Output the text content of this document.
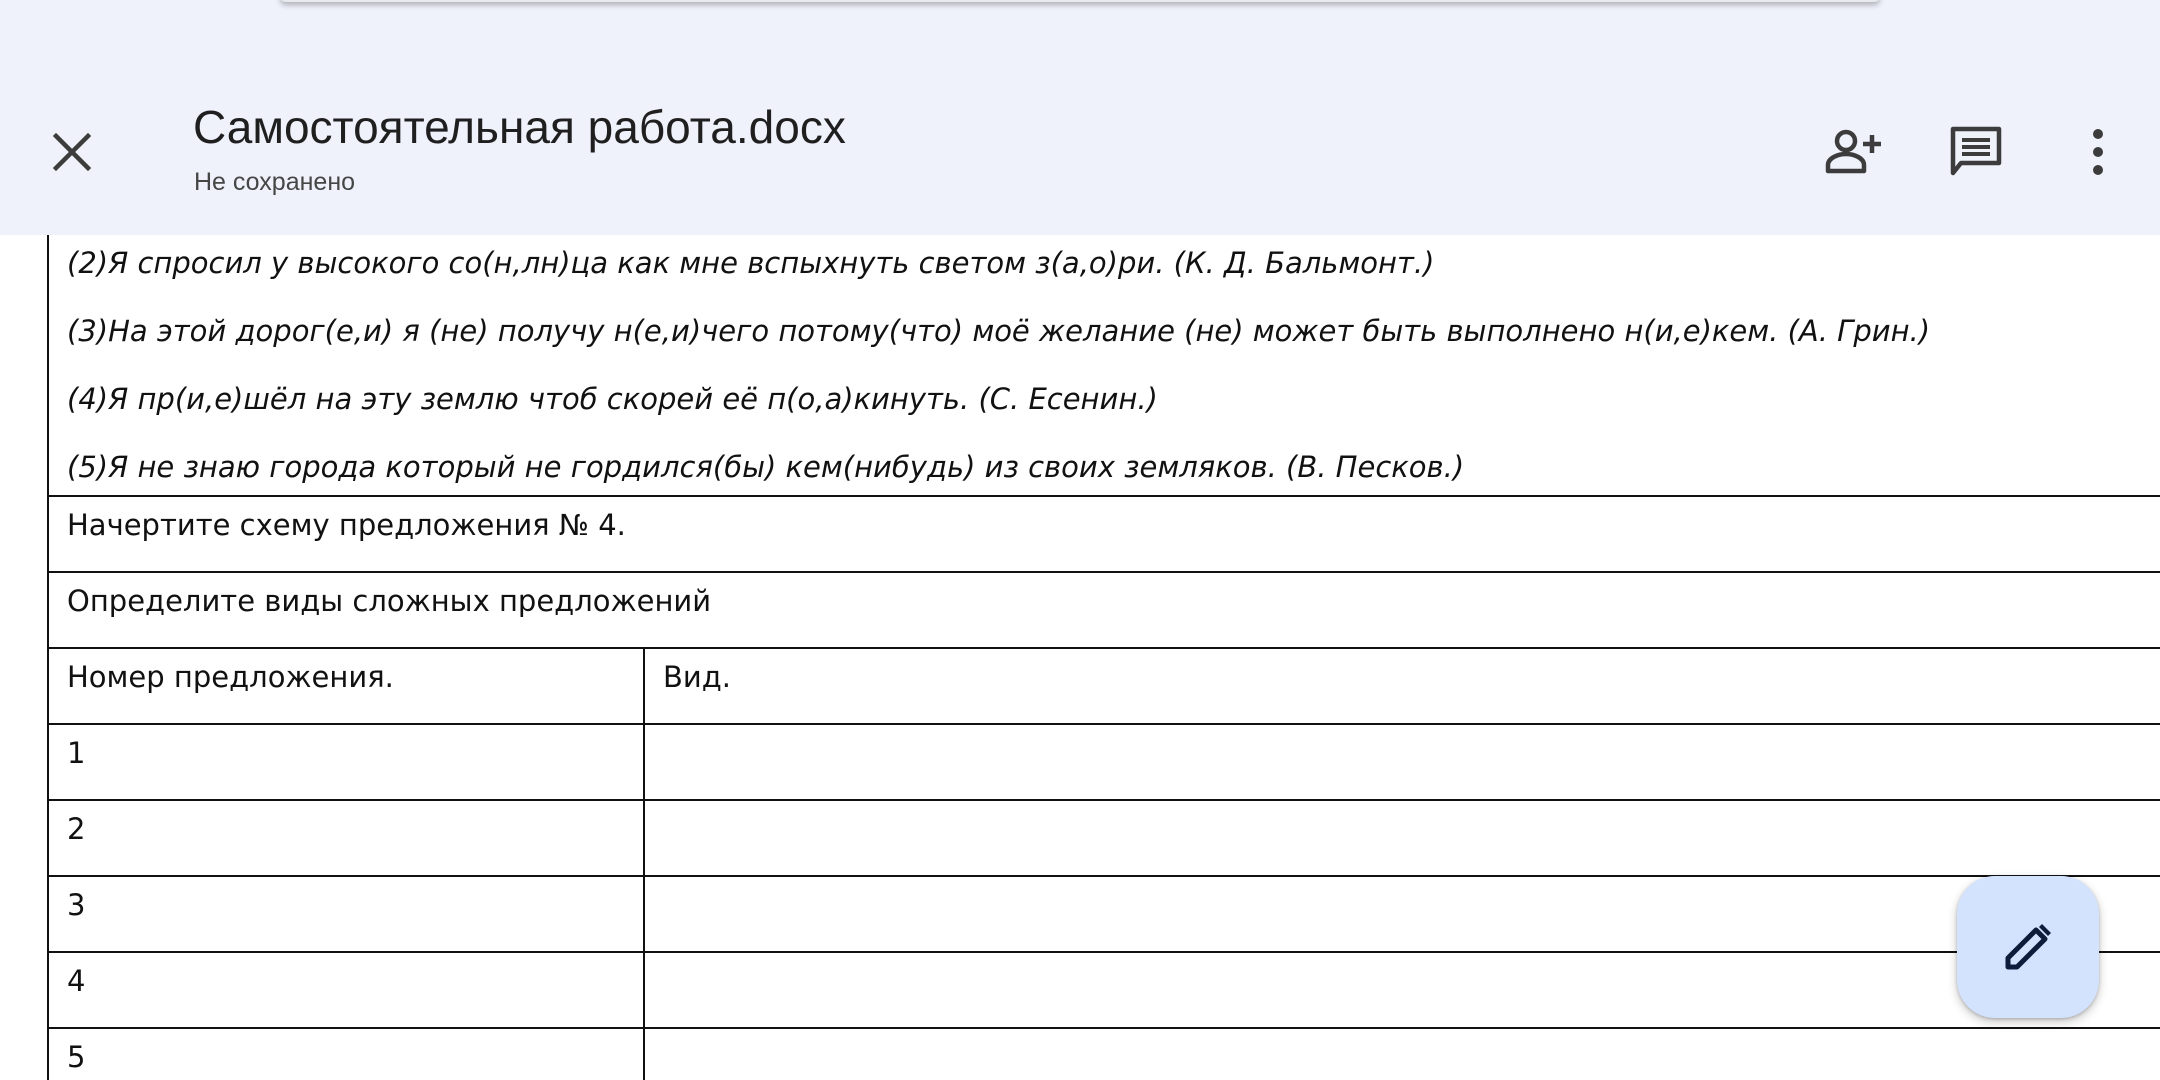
Самостоятельная работа.docx
Не сохранено
(2)Я спросил у высокого со(н,лн)ца как мне вспыхнуть светом з(а,о)ри. (К. Д. Бальмонт.)
(3)На этой дорог(е,и) я (не) получу н(е,и)чего потому(что) моё желание (не) может быть выполнено н(и,е)кем. (А. Грин.)
(4)Я пр(и,е)шёл на эту землю чтоб скорей её п(о,а)кинуть. (С. Есенин.)
(5)Я не знаю города который не гордился(бы) кем(нибудь) из своих земляков. (В. Песков.)	

Начертите схему предложения № 4.	
Определите виды сложных предложений	
Номер предложения.	Вид.
1	
2	
3	
4	
5	
